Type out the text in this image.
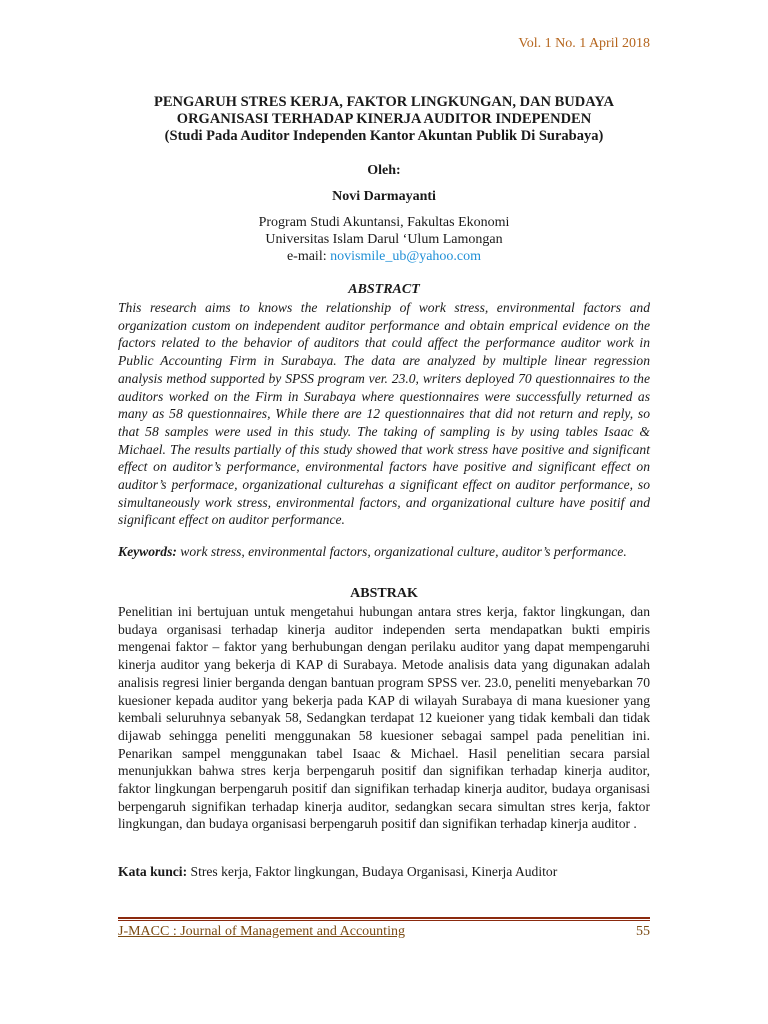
Vol. 1 No. 1 April 2018
PENGARUH STRES KERJA, FAKTOR LINGKUNGAN, DAN BUDAYA
ORGANISASI TERHADAP KINERJA AUDITOR INDEPENDEN
(Studi Pada Auditor Independen Kantor Akuntan Publik Di Surabaya)
Oleh:
Novi Darmayanti
Program Studi Akuntansi, Fakultas Ekonomi
Universitas Islam Darul ‘Ulum Lamongan
e-mail: novismile_ub@yahoo.com
ABSTRACT
This research aims to knows the relationship of work stress, environmental factors and organization custom on independent auditor performance and obtain emprical evidence on the factors related to the behavior of auditors that could affect the performance auditor work in Public Accounting Firm in Surabaya. The data are analyzed by multiple linear regression analysis method supported by SPSS program ver. 23.0, writers deployed 70 questionnaires to the auditors worked on the Firm in Surabaya where questionnaires were successfully returned as many as 58 questionnaires, While there are 12 questionnaires that did not return and reply, so that 58 samples were used in this study. The taking of sampling is by using tables Isaac & Michael. The results partially of this study showed that work stress have positive and significant effect on auditor’s performance, environmental factors have positive and significant effect on auditor’s performace, organizational culturehas a significant effect on auditor performance, so simultaneously work stress, environmental factors, and organizational culture have positif and significant effect on auditor performance.
Keywords: work stress, environmental factors, organizational culture, auditor’s performance.
ABSTRAK
Penelitian ini bertujuan untuk mengetahui hubungan antara stres kerja, faktor lingkungan, dan budaya organisasi terhadap kinerja auditor independen serta mendapatkan bukti empiris mengenai faktor – faktor yang berhubungan dengan perilaku auditor yang dapat mempengaruhi kinerja auditor yang bekerja di KAP di Surabaya. Metode analisis data yang digunakan adalah analisis regresi linier berganda dengan bantuan program SPSS ver. 23.0, peneliti menyebarkan 70 kuesioner kepada auditor yang bekerja pada KAP di wilayah Surabaya di mana kuesioner yang kembali seluruhnya sebanyak 58, Sedangkan terdapat 12 kueioner yang tidak kembali dan tidak dijawab sehingga peneliti menggunakan 58 kuesioner sebagai sampel pada penelitian ini. Penarikan sampel menggunakan tabel Isaac & Michael. Hasil penelitian secara parsial menunjukkan bahwa stres kerja berpengaruh positif dan signifikan terhadap kinerja auditor, faktor lingkungan berpengaruh positif dan signifikan terhadap kinerja auditor, budaya organisasi berpengaruh signifikan terhadap kinerja auditor, sedangkan secara simultan stres kerja, faktor lingkungan, dan budaya organisasi berpengaruh positif dan signifikan terhadap kinerja auditor .
Kata kunci: Stres kerja, Faktor lingkungan, Budaya Organisasi, Kinerja Auditor
J-MACC : Journal of Management and Accounting	55
